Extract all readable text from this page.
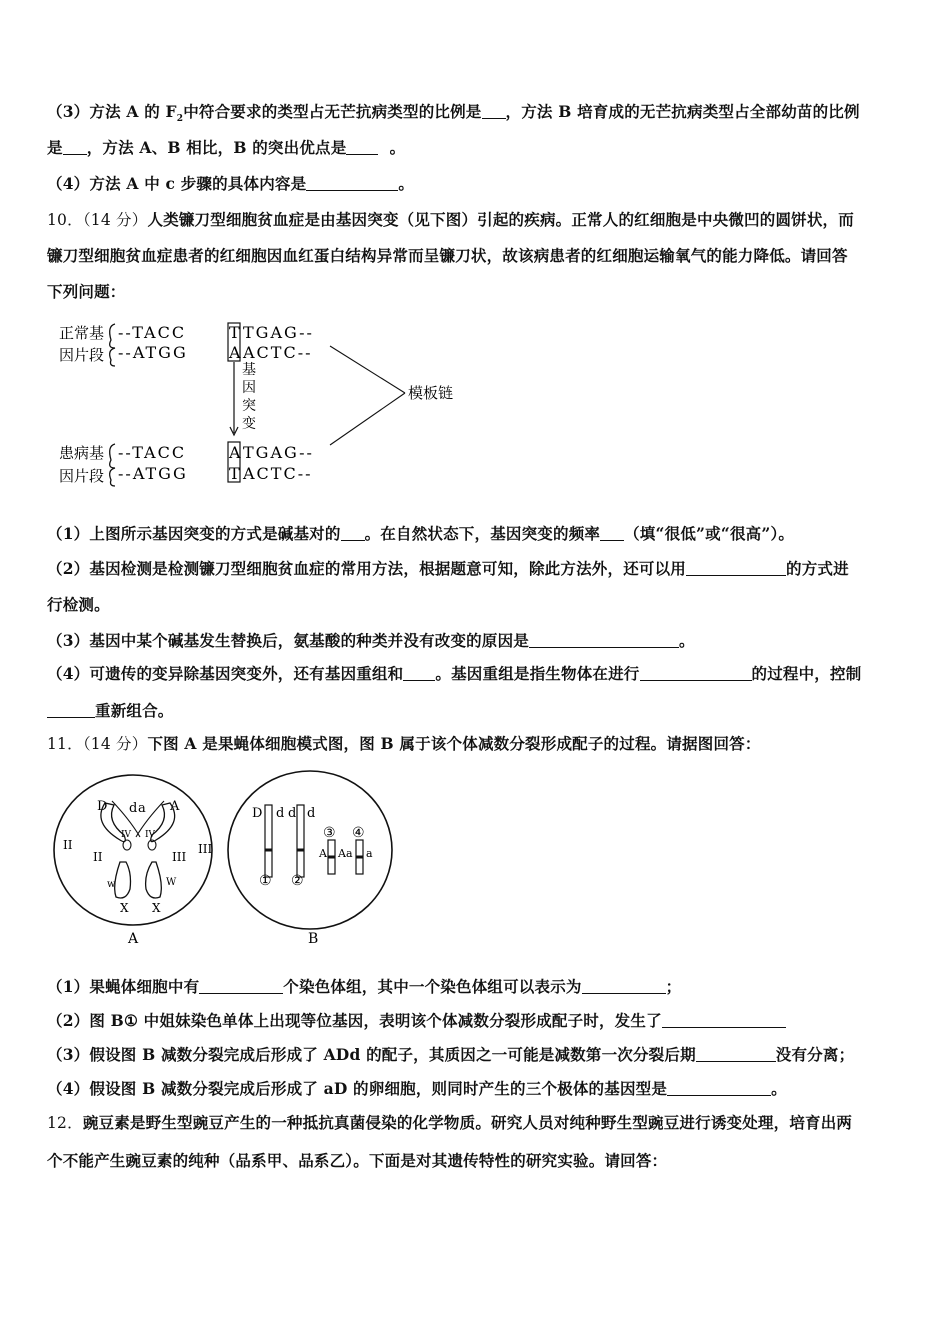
（3）方法 A 的 $F_2$中符合要求的类型占无芒抗病类型的比例是 ，方法 B 培育成的无芒抗病类型占全部幼苗的比例
是 ，方法 A、B 相比，B 的突出优点是	。
（4）方法 A 中 c 步骤的具体内容是	。
10．（14 分）人类镰刀型细胞贫血症是由基因突变（见下图）引起的疾病。正常人的红细胞是中央微凹的圆饼状，而
镰刀型细胞贫血症患者的红细胞因血红蛋白结构异常而呈镰刀状，故该病患者的红细胞运输氧气的能力降低。请回答
下列问题：
正常基
因片段
--TACC	T TGAG--
--ATGG	A ACTC--
基
因
突
变
模板链
患病基
因片段
--TACC	A TGAG--
--ATGG	T ACTC--
（1）上图所示基因突变的方式是碱基对的 。在自然状态下，基因突变的频率 （填“很低”或“很高”）。
（2）基因检测是检测镰刀型细胞贫血症的常用方法，根据题意可知，除此方法外，还可以用	的方式进
行检测。
（3）基因中某个碱基发生替换后，氨基酸的种类并没有改变的原因是	。
（4）可遗传的变异除基因突变外，还有基因重组和 。基因重组是指生物体在进行	的过程中，控制
重新组合。
11．（14 分）下图 A 是果蝇体细胞模式图，图 B 属于该个体减数分裂形成配子的过程。请据图回答：
D d a A
II
II
IV IV
III
III
w	W
X X
A
D d d d
③ ④
A A a a
① ②
B
（1）果蝇体细胞中有	个染色体组，其中一个染色体组可以表示为	；
（2）图 B① 中姐妹染色单体上出现等位基因，表明该个体减数分裂形成配子时，发生了
（3）假设图 B 减数分裂完成后形成了 ADd 的配子，其质因之一可能是减数第一次分裂后期	没有分离；
（4）假设图 B 减数分裂完成后形成了 aD 的卵细胞，则同时产生的三个极体的基因型是	。
12．豌豆素是野生型豌豆产生的一种抵抗真菌侵染的化学物质。研究人员对纯种野生型豌豆进行诱变处理，培育出两
个不能产生豌豆素的纯种（品系甲、品系乙）。下面是对其遗传特性的研究实验。请回答：
